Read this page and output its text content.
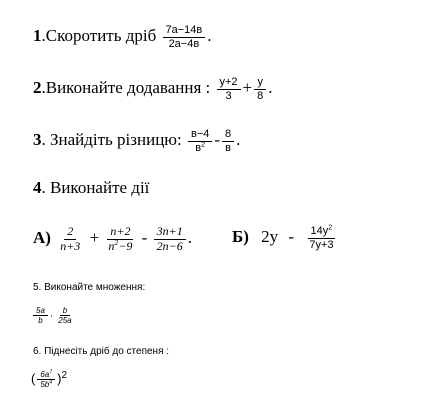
1.Скоротить дріб $\frac{7а-14в}{2а-4в}$ .
2.Виконайте додавання : $\frac{у+2}{3} + \frac{у}{8}$ .
3. Знайдіть різницю: $\frac{в-4}{в^2} - \frac{8}{в}$ .
4. Виконайте дії
$А) \frac{2}{n+3} + \frac{n+2}{n^2-9} - \frac{3n+1}{2n-6}$ . Б) $2у - \frac{14у^2}{7у+3}$
5. Виконайте множення:
$\frac{5a}{b} \cdot \frac{b}{25a}$
6. Піднесіть дріб до степеня :
( $\frac{6a^7}{5b^4} )^2$
